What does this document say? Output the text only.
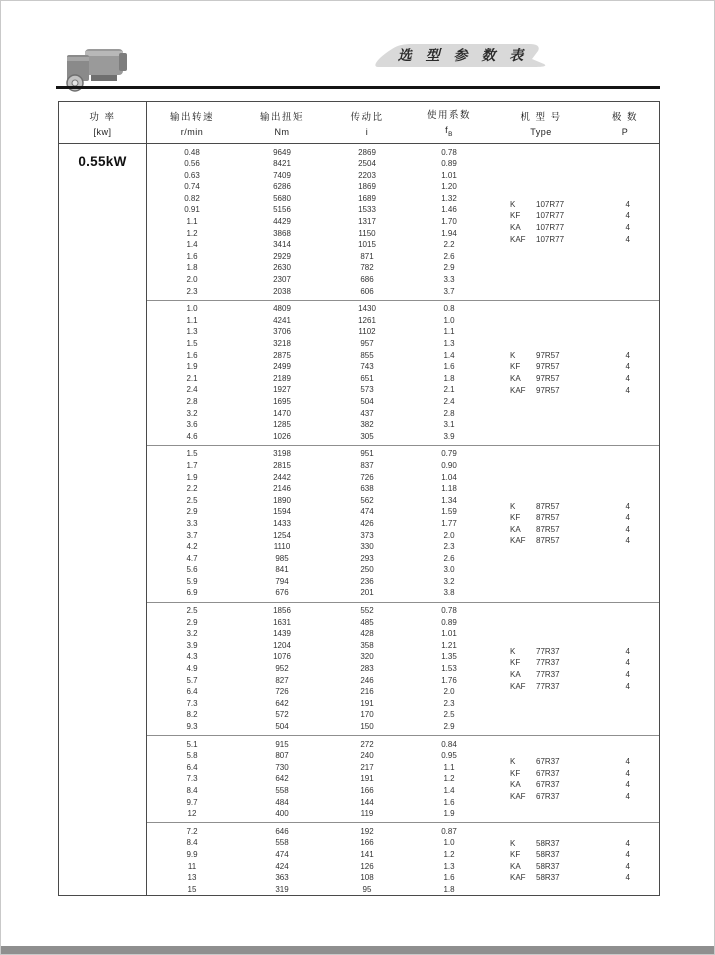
选 型 参 数 表
功 率
[kw]
输出转速
r/min
输出扭矩
Nm
传动比
i
使用系数
$f_B$
机 型 号
Type
极 数
P
0.55kW
0.48	9649	2869	0.78
0.56	8421	2504	0.89
0.63	7409	2203	1.01
0.74	6286	1869	1.20
0.82	5680	1689	1.32
0.91	5156	1533	1.46
1.1	4429	1317	1.70
1.2	3868	1150	1.94
1.4	3414	1015	2.2
1.6	2929	871	2.6
1.8	2630	782	2.9
2.0	2307	686	3.3
2.3	2038	606	3.7
K	107R77	4
KF	107R77	4
KA	107R77	4
KAF	107R77	4
1.0	4809	1430	0.8
1.1	4241	1261	1.0
1.3	3706	1102	1.1
1.5	3218	957	1.3
1.6	2875	855	1.4
1.9	2499	743	1.6
2.1	2189	651	1.8
2.4	1927	573	2.1
2.8	1695	504	2.4
3.2	1470	437	2.8
3.6	1285	382	3.1
4.6	1026	305	3.9
K	97R57	4
KF	97R57	4
KA	97R57	4
KAF	97R57	4
1.5	3198	951	0.79
1.7	2815	837	0.90
1.9	2442	726	1.04
2.2	2146	638	1.18
2.5	1890	562	1.34
2.9	1594	474	1.59
3.3	1433	426	1.77
3.7	1254	373	2.0
4.2	1110	330	2.3
4.7	985	293	2.6
5.6	841	250	3.0
5.9	794	236	3.2
6.9	676	201	3.8
K	87R57	4
KF	87R57	4
KA	87R57	4
KAF	87R57	4
2.5	1856	552	0.78
2.9	1631	485	0.89
3.2	1439	428	1.01
3.9	1204	358	1.21
4.3	1076	320	1.35
4.9	952	283	1.53
5.7	827	246	1.76
6.4	726	216	2.0
7.3	642	191	2.3
8.2	572	170	2.5
9.3	504	150	2.9
K	77R37	4
KF	77R37	4
KA	77R37	4
KAF	77R37	4
5.1	915	272	0.84
5.8	807	240	0.95
6.4	730	217	1.1
7.3	642	191	1.2
8.4	558	166	1.4
9.7	484	144	1.6
12	400	119	1.9
K	67R37	4
KF	67R37	4
KA	67R37	4
KAF	67R37	4
7.2	646	192	0.87
8.4	558	166	1.0
9.9	474	141	1.2
11	424	126	1.3
13	363	108	1.6
15	319	95	1.8
K	58R37	4
KF	58R37	4
KA	58R37	4
KAF	58R37	4
